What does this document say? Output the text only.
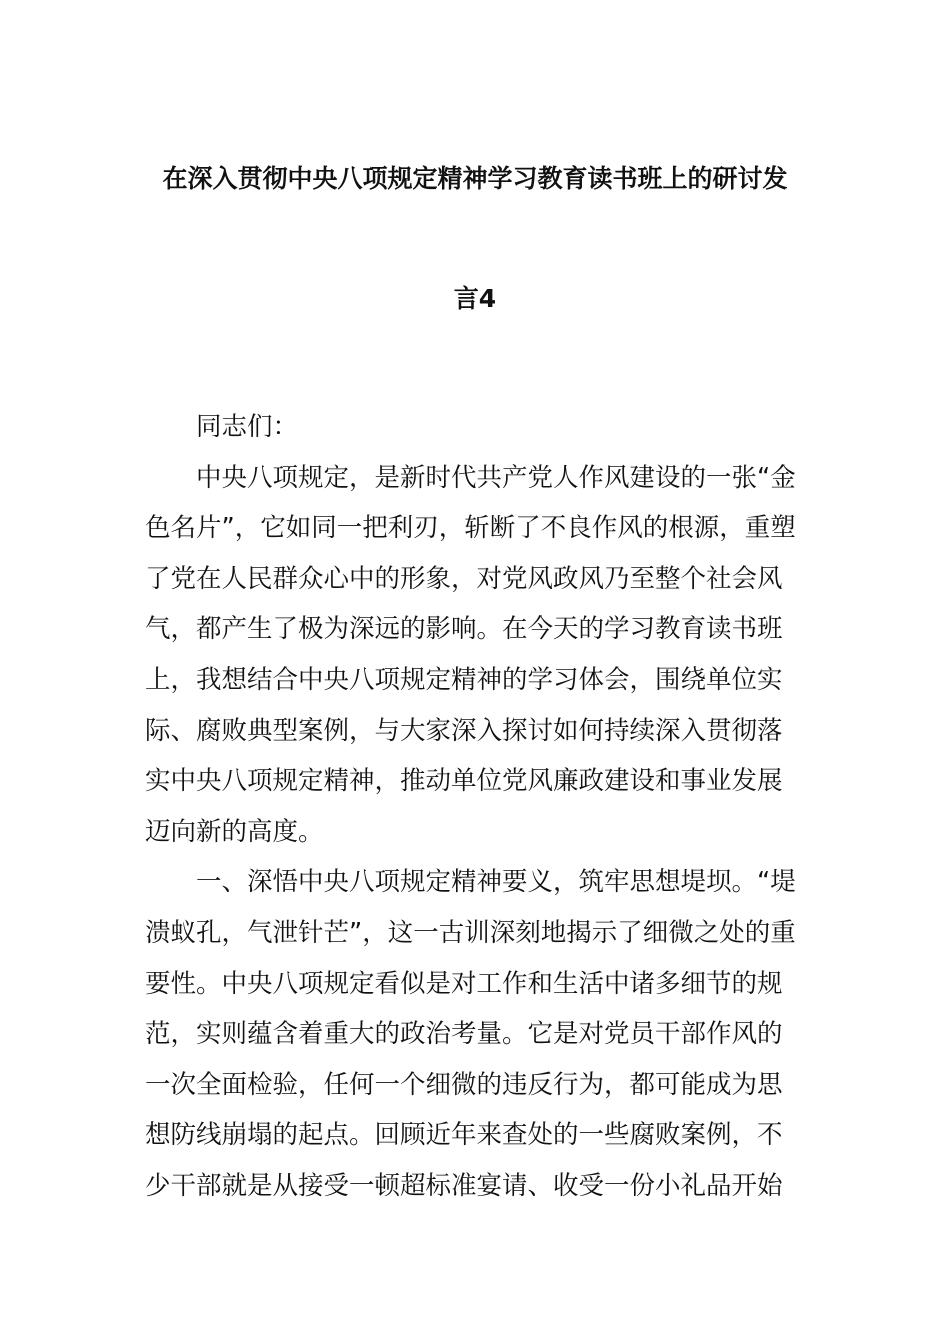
在深入贯彻中央八项规定精神学习教育读书班上的研讨发
言4

同志们：

中央八项规定，是新时代共产党人作风建设的一张“金
色名片”，它如同一把利刃，斩断了不良作风的根源，重塑
了党在人民群众心中的形象，对党风政风乃至整个社会风
气，都产生了极为深远的影响。在今天的学习教育读书班
上，我想结合中央八项规定精神的学习体会，围绕单位实
际、腐败典型案例，与大家深入探讨如何持续深入贯彻落
实中央八项规定精神，推动单位党风廉政建设和事业发展
迈向新的高度。

一、深悟中央八项规定精神要义，筑牢思想堤坝。“堤
溃蚁孔，气泄针芒”，这一古训深刻地揭示了细微之处的重
要性。中央八项规定看似是对工作和生活中诸多细节的规
范，实则蕴含着重大的政治考量。它是对党员干部作风的
一次全面检验，任何一个细微的违反行为，都可能成为思
想防线崩塌的起点。回顾近年来查处的一些腐败案例，不
少干部就是从接受一顿超标准宴请、收受一份小礼品开始
